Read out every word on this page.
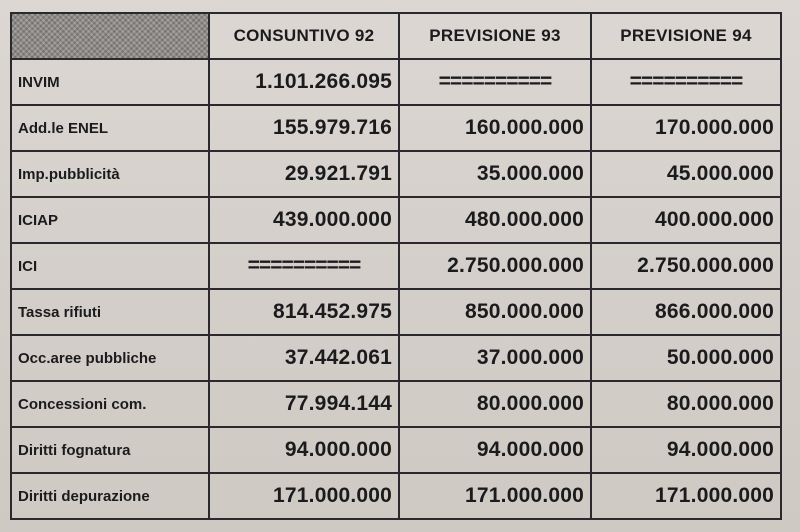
	CONSUNTIVO 92	PREVISIONE 93	PREVISIONE 94
INVIM	1.101.266.095	==========	==========
Add.le ENEL	155.979.716	160.000.000	170.000.000
Imp.pubblicità	29.921.791	35.000.000	45.000.000
ICIAP	439.000.000	480.000.000	400.000.000
ICI	==========	2.750.000.000	2.750.000.000
Tassa rifiuti	814.452.975	850.000.000	866.000.000
Occ.aree pubbliche	37.442.061	37.000.000	50.000.000
Concessioni com.	77.994.144	80.000.000	80.000.000
Diritti fognatura	94.000.000	94.000.000	94.000.000
Diritti depurazione	171.000.000	171.000.000	171.000.000
